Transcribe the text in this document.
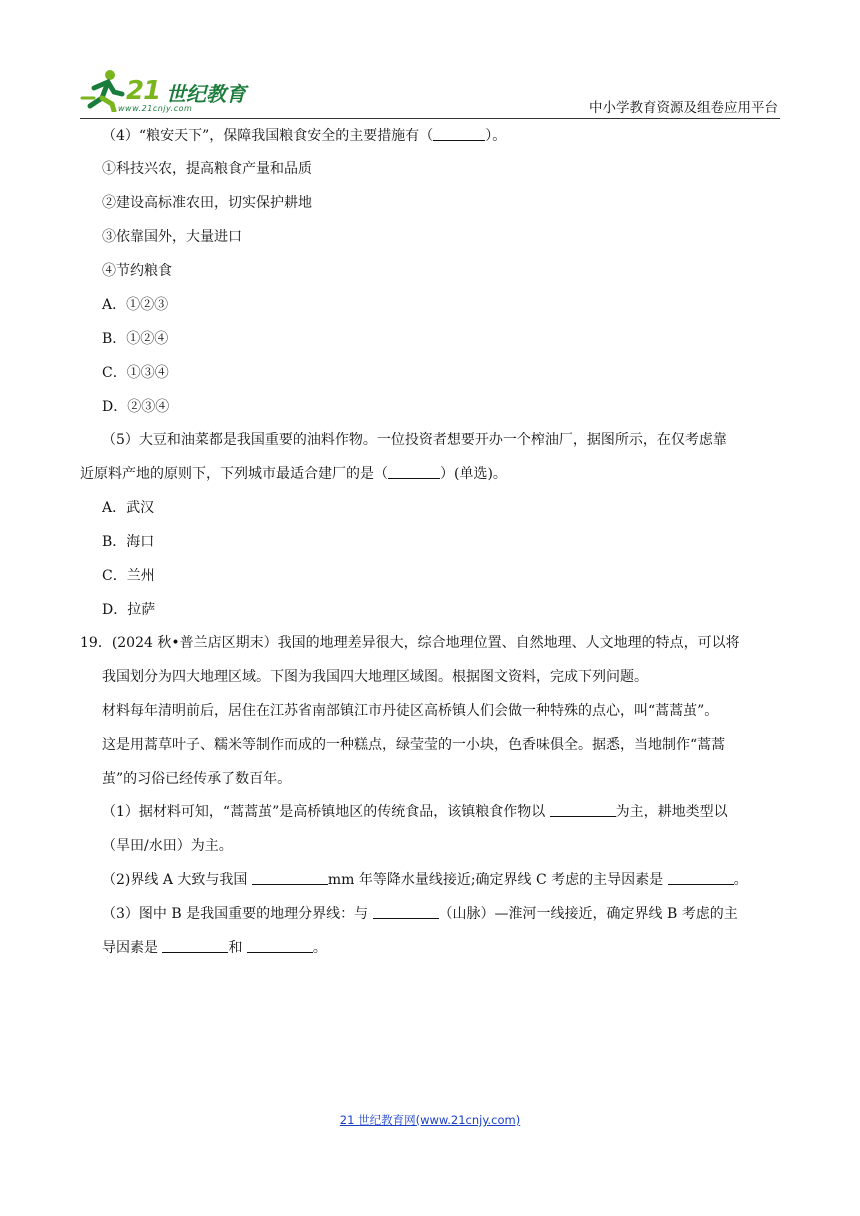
21 世纪教育
www.21cnjy.com	中小学教育资源及组卷应用平台
（4）“粮安天下”，保障我国粮食安全的主要措施有（	）。
①科技兴农，提高粮食产量和品质
②建设高标准农田，切实保护耕地
③依靠国外，大量进口
④节约粮食
A．①②③
B．①②④
C．①③④
D．②③④
（5）大豆和油菜都是我国重要的油料作物。一位投资者想要开办一个榨油厂，据图所示，在仅考虑靠
近原料产地的原则下，下列城市最适合建厂的是（	）(单选)。
A．武汉
B．海口
C．兰州
D．拉萨
19．(2024 秋•普兰店区期末）我国的地理差异很大，综合地理位置、自然地理、人文地理的特点，可以将
我国划分为四大地理区域。下图为我国四大地理区域图。根据图文资料，完成下列问题。
材料每年清明前后，居住在江苏省南部镇江市丹徒区高桥镇人们会做一种特殊的点心，叫“蒿蒿茧”。
这是用蒿草叶子、糯米等制作而成的一种糕点，绿莹莹的一小块，色香味俱全。据悉，当地制作“蒿蒿
茧”的习俗已经传承了数百年。
（1）据材料可知，“蒿蒿茧”是高桥镇地区的传统食品，该镇粮食作物以	为主，耕地类型以
（旱田/水田）为主。
（2)界线 A 大致与我国	mm 年等降水量线接近;确定界线 C 考虑的主导因素是	。
（3）图中 B 是我国重要的地理分界线：与	（山脉）—淮河一线接近，确定界线 B 考虑的主
导因素是	和	。
21 世纪教育网(www.21cnjy.com)
